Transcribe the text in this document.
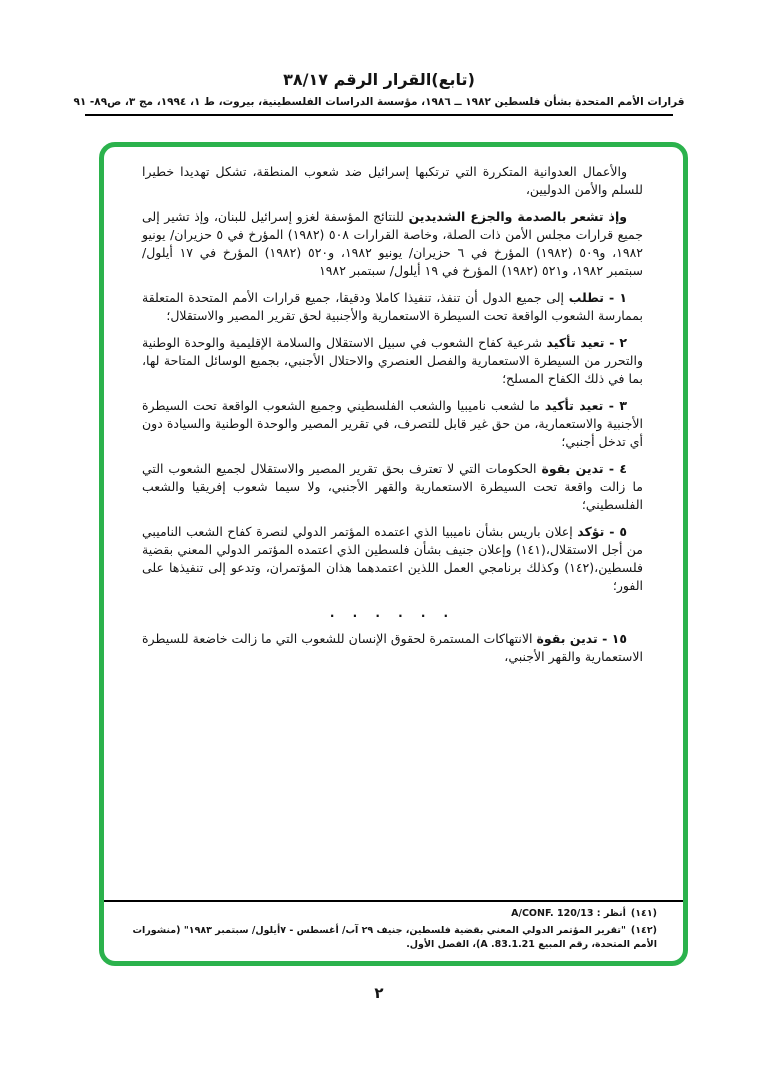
(تابع)القرار الرقم ٣٨/١٧
قرارات الأمم المتحدة بشأن فلسطين ١٩٨٢ ــ ١٩٨٦، مؤسسة الدراسات الفلسطينية، بيروت، ط ١، ١٩٩٤، مج ٣، ص٨٩- ٩١

والأعمال العدوانية المتكررة التي ترتكبها إسرائيل ضد شعوب المنطقة، تشكل تهديدا خطيرا للسلم والأمن الدوليين،

وإذ تشعر بالصدمة والجزع الشديدين للنتائج المؤسفة لغزو إسرائيل للبنان، وإذ تشير إلى جميع قرارات مجلس الأمن ذات الصلة، وخاصة القرارات ٥٠٨ (١٩٨٢) المؤرخ في ٥ حزيران/ يونيو ١٩٨٢، و٥٠٩ (١٩٨٢) المؤرخ في ٦ حزيران/ يونيو ١٩٨٢، و٥٢٠ (١٩٨٢) المؤرخ في ١٧ أيلول/ سبتمبر ١٩٨٢، و٥٢١ (١٩٨٢) المؤرخ في ١٩ أيلول/ سبتمبر ١٩٨٢

١ - تطلب إلى جميع الدول أن تنفذ، تنفيذا كاملا ودقيقا، جميع قرارات الأمم المتحدة المتعلقة بممارسة الشعوب الواقعة تحت السيطرة الاستعمارية والأجنبية لحق تقرير المصير والاستقلال؛

٢ - تعيد تأكيد شرعية كفاح الشعوب في سبيل الاستقلال والسلامة الإقليمية والوحدة الوطنية والتحرر من السيطرة الاستعمارية والفصل العنصري والاحتلال الأجنبي، بجميع الوسائل المتاحة لها، بما في ذلك الكفاح المسلح؛

٣ - تعيد تأكيد ما لشعب ناميبيا والشعب الفلسطيني وجميع الشعوب الواقعة تحت السيطرة الأجنبية والاستعمارية، من حق غير قابل للتصرف، في تقرير المصير والوحدة الوطنية والسيادة دون أي تدخل أجنبي؛

٤ - تدين بقوة الحكومات التي لا تعترف بحق تقرير المصير والاستقلال لجميع الشعوب التي ما زالت واقعة تحت السيطرة الاستعمارية والقهر الأجنبي، ولا سيما شعوب إفريقيا والشعب الفلسطيني؛

٥ - تؤكد إعلان باريس بشأن ناميبيا الذي اعتمده المؤتمر الدولي لنصرة كفاح الشعب الناميبي من أجل الاستقلال،(١٤١) وإعلان جنيف بشأن فلسطين الذي اعتمده المؤتمر الدولي المعني بقضية فلسطين،(١٤٢) وكذلك برنامجي العمل اللذين اعتمدهما هذان المؤتمران، وتدعو إلى تنفيذها على الفور؛

. . . . . .

١٥ - تدين بقوة الانتهاكات المستمرة لحقوق الإنسان للشعوب التي ما زالت خاضعة للسيطرة الاستعمارية والقهر الأجنبي،

(١٤١)أنظر : A/CONF. 120/13
(١٤٢)"تقرير المؤتمر الدولي المعني بقضية فلسطين، جنيف ٢٩ آب/ أغسطس - ٧أيلول/ سبتمبر ١٩٨٣" (منشورات الأمم المتحدة، رقم المبيع A .83.1.21)، الفصل الأول.
٢
